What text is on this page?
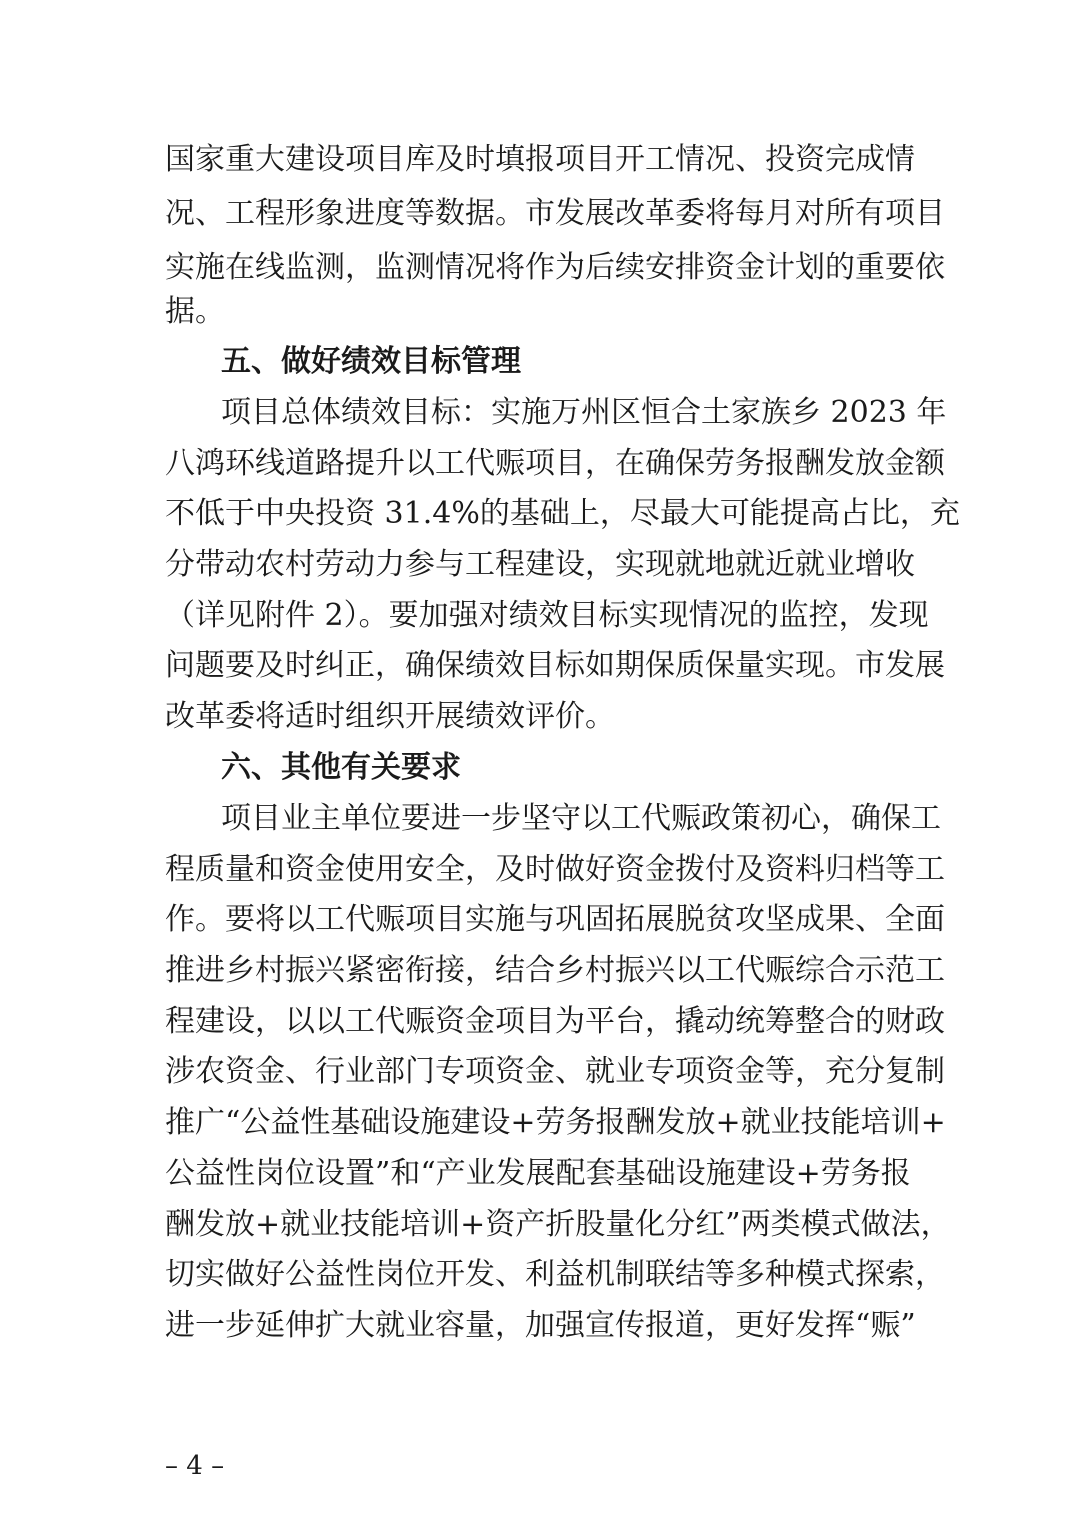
国家重大建设项目库及时填报项目开工情况、投资完成情
况、工程形象进度等数据。市发展改革委将每月对所有项目
实施在线监测，监测情况将作为后续安排资金计划的重要依
据。
五、做好绩效目标管理
项目总体绩效目标：实施万州区恒合土家族乡 2023 年
八鸿环线道路提升以工代赈项目，在确保劳务报酬发放金额
不低于中央投资 31.4%的基础上，尽最大可能提高占比，充
分带动农村劳动力参与工程建设，实现就地就近就业增收
（详见附件 2）。要加强对绩效目标实现情况的监控，发现
问题要及时纠正，确保绩效目标如期保质保量实现。市发展
改革委将适时组织开展绩效评价。
六、其他有关要求
项目业主单位要进一步坚守以工代赈政策初心，确保工
程质量和资金使用安全，及时做好资金拨付及资料归档等工
作。要将以工代赈项目实施与巩固拓展脱贫攻坚成果、全面
推进乡村振兴紧密衔接，结合乡村振兴以工代赈综合示范工
程建设，以以工代赈资金项目为平台，撬动统筹整合的财政
涉农资金、行业部门专项资金、就业专项资金等，充分复制
推广“公益性基础设施建设+劳务报酬发放+就业技能培训+
公益性岗位设置”和“产业发展配套基础设施建设+劳务报
酬发放+就业技能培训+资产折股量化分红”两类模式做法，
切实做好公益性岗位开发、利益机制联结等多种模式探索，
进一步延伸扩大就业容量，加强宣传报道，更好发挥“赈”
– 4 –
